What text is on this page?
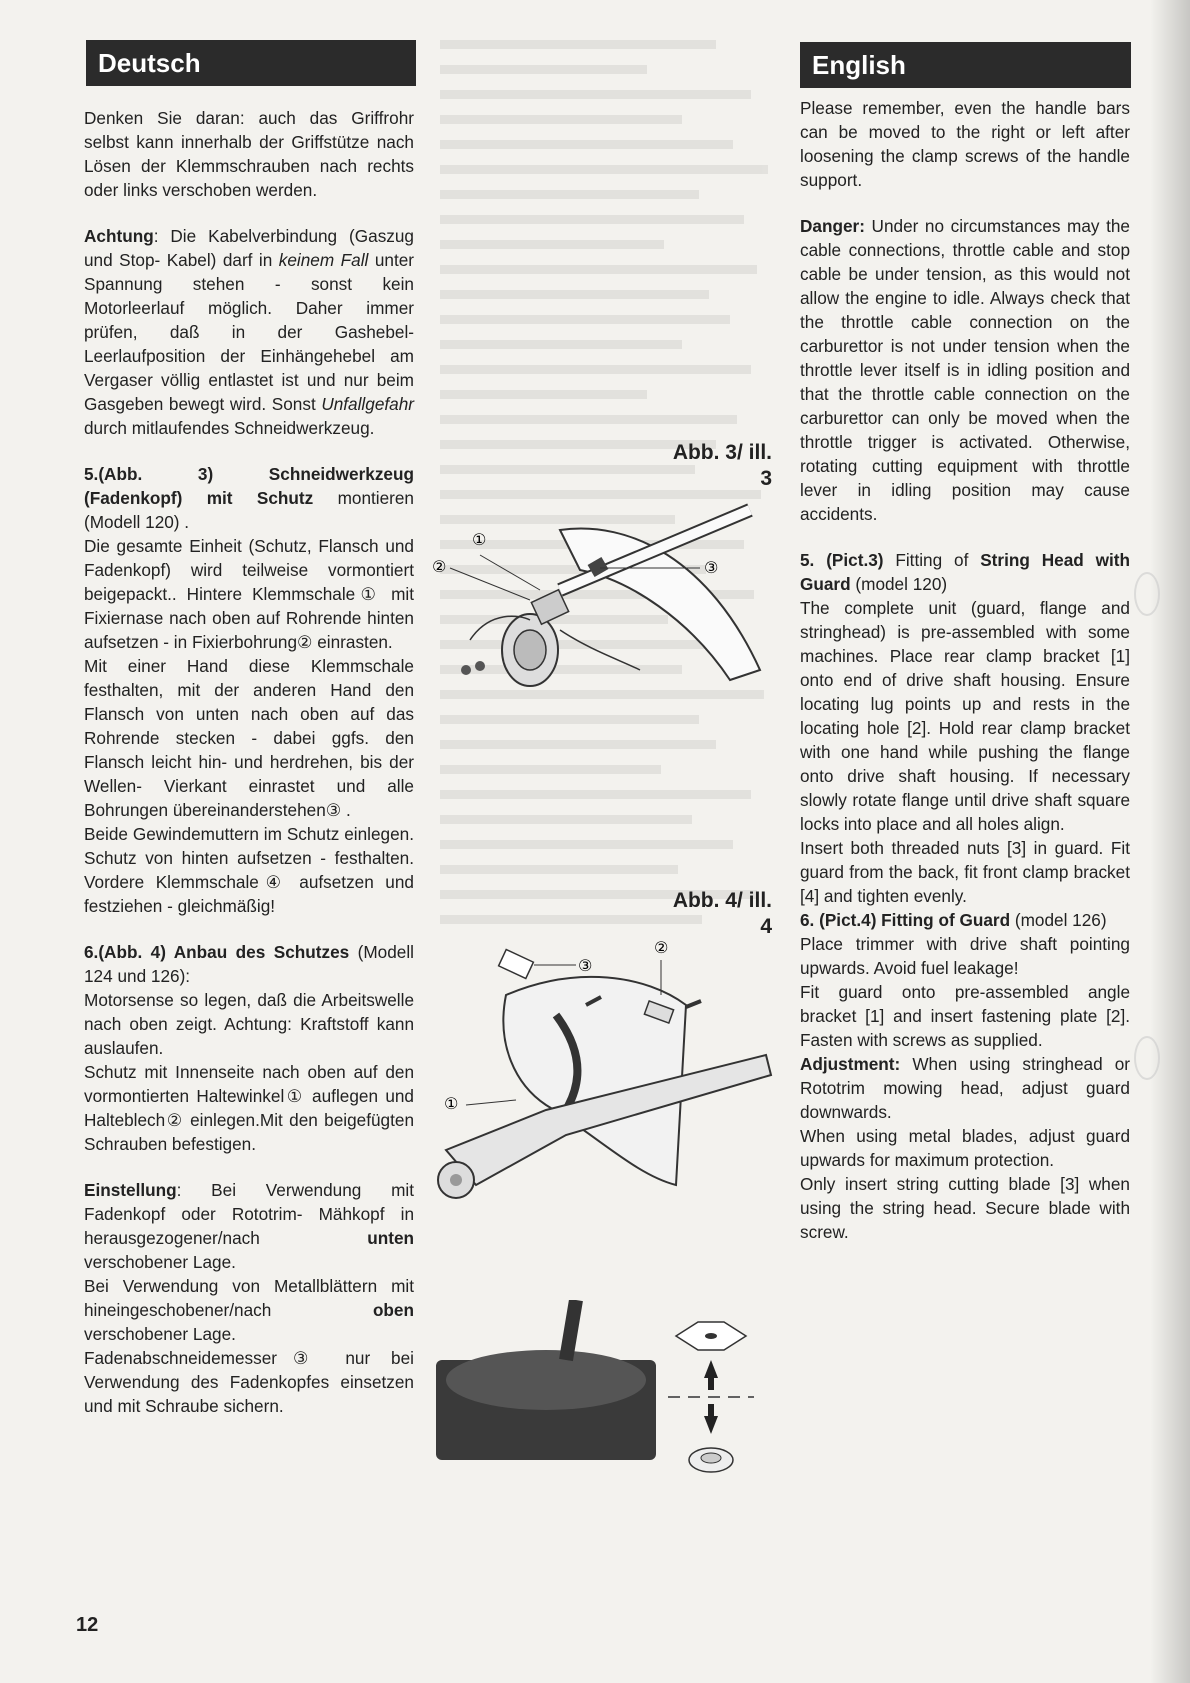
Deutsch	English

Denken Sie daran: auch das Griffrohr selbst kann innerhalb der Griffstütze nach Lösen der Klemmschrauben nach rechts oder links verschoben werden.

Achtung: Die Kabelverbindung (Gaszug und Stop- Kabel) darf in keinem Fall unter Spannung stehen - sonst kein Motorleerlauf möglich. Daher immer prüfen, daß in der Gashebel- Leerlaufposition der Einhängehebel am Vergaser völlig entlastet ist und nur beim Gasgeben bewegt wird. Sonst Unfallgefahr durch mitlaufendes Schneidwerkzeug.

5.(Abb. 3) Schneidwerkzeug (Fadenkopf) mit Schutz montieren (Modell 120) .

Die gesamte Einheit (Schutz, Flansch und Fadenkopf) wird teilweise vormontiert beigepackt.. Hintere Klemmschale① mit Fixiernase nach oben auf Rohrende hinten aufsetzen - in Fixierbohrung② einrasten.

Mit einer Hand diese Klemmschale festhalten, mit der anderen Hand den Flansch von unten nach oben auf das Rohrende stecken - dabei ggfs. den Flansch leicht hin- und herdrehen, bis der Wellen- Vierkant einrastet und alle Bohrungen übereinanderstehen③ .

Beide Gewindemuttern im Schutz einlegen. Schutz von hinten aufsetzen - festhalten. Vordere Klemmschale④ aufsetzen und festziehen - gleichmäßig!

6.(Abb. 4) Anbau des Schutzes (Modell 124 und 126):

Motorsense so legen, daß die Arbeitswelle nach oben zeigt. Achtung: Kraftstoff kann auslaufen.

Schutz mit Innenseite nach oben auf den vormontierten Haltewinkel① auflegen und Halteblech② einlegen.Mit den beigefügten Schrauben befestigen.

Einstellung: Bei Verwendung mit Fadenkopf oder Rototrim- Mähkopf in herausgezogener/nach unten verschobener Lage.

Bei Verwendung von Metallblättern mit hineingeschobener/nach oben verschobener Lage.

Fadenabschneidemesser③ nur bei Verwendung des Fadenkopfes einsetzen und mit Schraube sichern.

Please remember, even the handle bars can be moved to the right or left after loosening the clamp screws of the handle support.

Danger: Under no circumstances may the cable connections, throttle cable and stop cable be under tension, as this would not allow the engine to idle. Always check that the throttle cable connection on the carburettor is not under tension when the throttle lever itself is in idling position and that the throttle cable connection on the carburettor can only be moved when the throttle trigger is activated. Otherwise, rotating cutting equipment with throttle lever in idling position may cause accidents.

5. (Pict.3) Fitting of String Head with Guard (model 120)

The complete unit (guard, flange and stringhead) is pre-assembled with some machines. Place rear clamp bracket [1] onto end of drive shaft housing. Ensure locating lug points up and rests in the locating hole [2]. Hold rear clamp bracket with one hand while pushing the flange onto drive shaft housing. If necessary slowly rotate flange until drive shaft square locks into place and all holes align.

Insert both threaded nuts [3] in guard. Fit guard from the back, fit front clamp bracket [4] and tighten evenly.

6. (Pict.4) Fitting of Guard (model 126)

Place trimmer with drive shaft pointing upwards. Avoid fuel leakage!

Fit guard onto pre-assembled angle bracket [1] and insert fastening plate [2]. Fasten with screws as supplied.

Adjustment: When using stringhead or Rototrim mowing head, adjust guard downwards.

When using metal blades, adjust guard upwards for maximum protection.

Only insert string cutting blade [3] when using the string head. Secure blade with screw.

Abb. 3/ ill. 3
Abb. 4/ ill. 4
①
②	③
③
①
②
12
